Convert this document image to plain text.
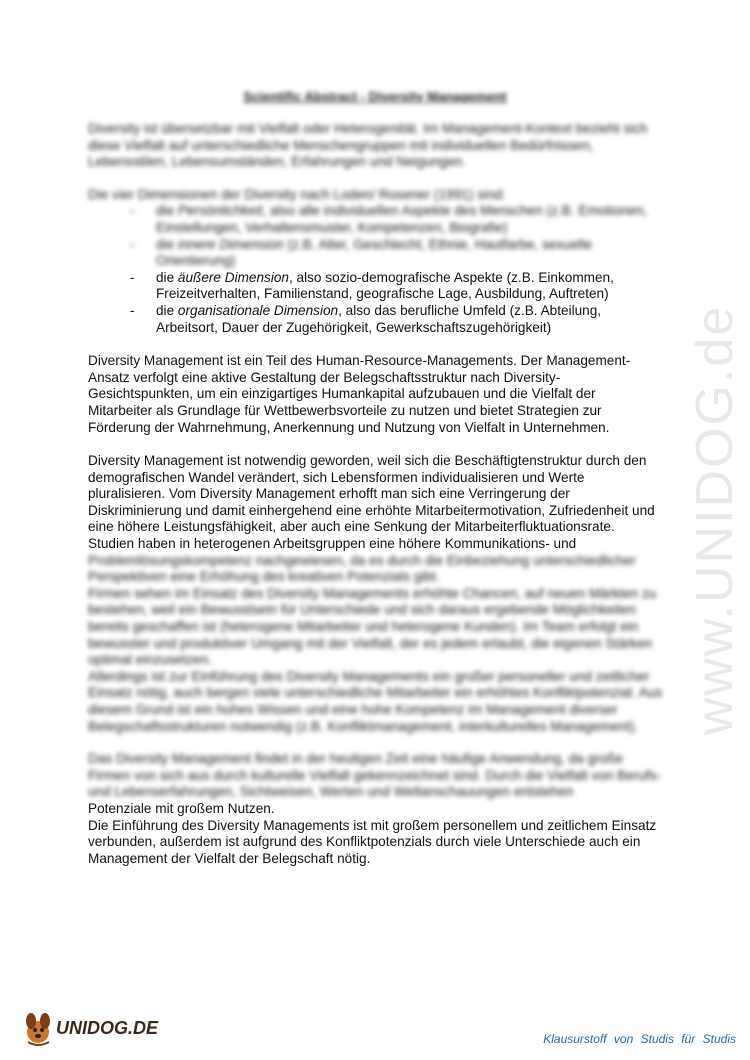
www.UNIDOG.de
Scientific Abstract - Diversity Management

Diversity ist übersetzbar mit Vielfalt oder Heterogenität. Im Management-Kontext bezieht sich diese Vielfalt auf unterschiedliche Menschengruppen mit individuellen Bedürfnissen, Lebensstilen, Lebensumständen, Erfahrungen und Neigungen.

Die vier Dimensionen der Diversity nach Loden/ Rosener (1991) sind:

- die Persönlichkeit, also alle individuellen Aspekte des Menschen (z.B. Emotionen, Einstellungen, Verhaltensmuster, Kompetenzen, Biografie)
- die innere Dimension (z.B. Alter, Geschlecht, Ethnie, Hautfarbe, sexuelle Orientierung)
- die äußere Dimension, also sozio-demografische Aspekte (z.B. Einkommen, Freizeitverhalten, Familienstand, geografische Lage, Ausbildung, Auftreten)
- die organisationale Dimension, also das berufliche Umfeld (z.B. Abteilung, Arbeitsort, Dauer der Zugehörigkeit, Gewerkschaftszugehörigkeit)

Diversity Management ist ein Teil des Human-Resource-Managements. Der Management-Ansatz verfolgt eine aktive Gestaltung der Belegschaftsstruktur nach Diversity-Gesichtspunkten, um ein einzigartiges Humankapital aufzubauen und die Vielfalt der Mitarbeiter als Grundlage für Wettbewerbsvorteile zu nutzen und bietet Strategien zur Förderung der Wahrnehmung, Anerkennung und Nutzung von Vielfalt in Unternehmen.

Diversity Management ist notwendig geworden, weil sich die Beschäftigtenstruktur durch den demografischen Wandel verändert, sich Lebensformen individualisieren und Werte pluralisieren. Vom Diversity Management erhofft man sich eine Verringerung der Diskriminierung und damit einhergehend eine erhöhte Mitarbeitermotivation, Zufriedenheit und eine höhere Leistungsfähigkeit, aber auch eine Senkung der Mitarbeiterfluktuationsrate.

Studien haben in heterogenen Arbeitsgruppen eine höhere Kommunikations- und

Problemlösungskompetenz nachgewiesen, da es durch die Einbeziehung unterschiedlicher Perspektiven eine Erhöhung des kreativen Potenzials gibt.

Firmen sehen im Einsatz des Diversity Managements erhöhte Chancen, auf neuen Märkten zu bestehen, weil ein Bewusstsein für Unterschiede und sich daraus ergebende Möglichkeiten bereits geschaffen ist (heterogene Mitarbeiter und heterogene Kunden). Im Team erfolgt ein bewusster und produktiver Umgang mit der Vielfalt, der es jedem erlaubt, die eigenen Stärken optimal einzusetzen.

Allerdings ist zur Einführung des Diversity Managements ein großer personeller und zeitlicher Einsatz nötig, auch bergen viele unterschiedliche Mitarbeiter ein erhöhtes Konfliktpotenzial. Aus diesem Grund ist ein hohes Wissen und eine hohe Kompetenz im Management diverser Belegschaftsstrukturen notwendig (z.B. Konfliktmanagement, interkulturelles Management).

Das Diversity Management findet in der heutigen Zeit eine häufige Anwendung, da große Firmen von sich aus durch kulturelle Vielfalt gekennzeichnet sind. Durch die Vielfalt von Berufs- und Lebenserfahrungen, Sichtweisen, Werten und Weltanschauungen entstehen

Potenziale mit großem Nutzen.

Die Einführung des Diversity Managements ist mit großem personellem und zeitlichem Einsatz verbunden, außerdem ist aufgrund des Konfliktpotenzials durch viele Unterschiede auch ein Management der Vielfalt der Belegschaft nötig.

UNIDOG.DE
Klausurstoff von Studis für Studis
